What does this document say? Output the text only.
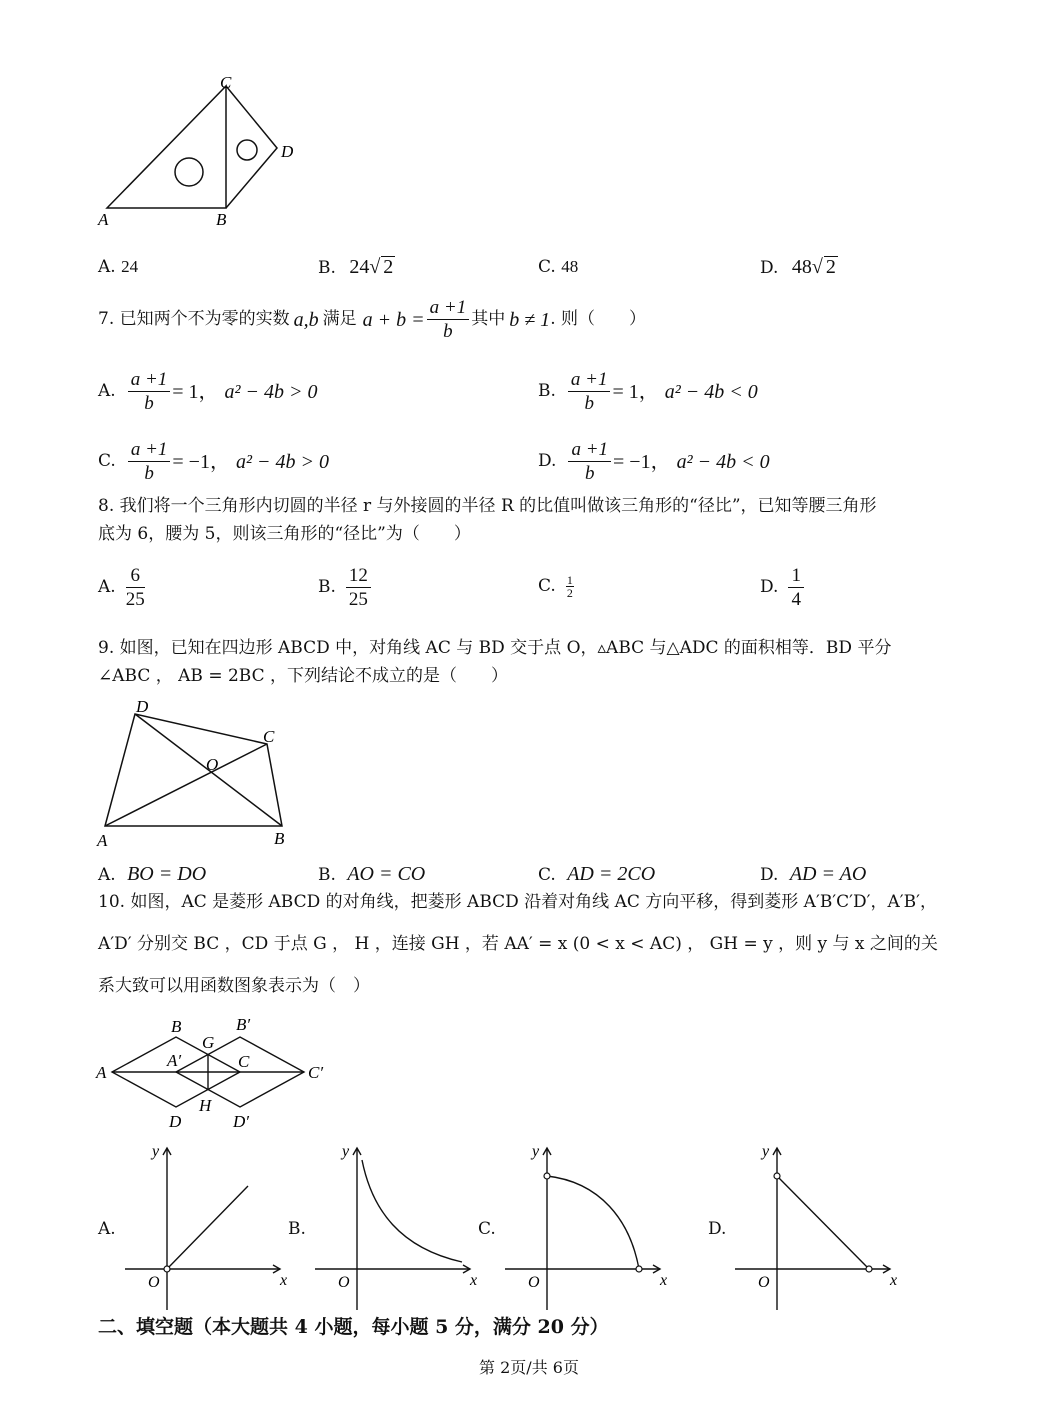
C
D
A	B
A. 24	B. 24√ 2	C. 48	D. 48√ 2
7. 已知两个不为零的实数 a,b 满足 $a + b = \frac{a +1}{b}$ 其中 b ≠ 1 . 则（　　）
A. $\frac{a +1}{b} = 1$， a² − 4b > 0	B. $\frac{a +1}{b} = 1$， a² − 4b < 0
C. $\frac{a +1}{b} = -1$， a² − 4b > 0	D. $\frac{a +1}{b} = -1$， a² − 4b < 0
8. 我们将一个三角形内切圆的半径 r 与外接圆的半径 R 的比值叫做该三角形的“径比”，已知等腰三角形
底为 6，腰为 5，则该三角形的“径比”为（　　）
A. $\frac{6}{25}$	B. $\frac{12}{25}$	C. $\frac{1}{2}$	D. $\frac{1}{4}$
9. 如图，已知在四边形 ABCD 中，对角线 AC 与 BD 交于点 O，▵ABC 与△ADC 的面积相等．BD 平分
∠ABC ， AB = 2BC ，下列结论不成立的是（　　）
D
C
O
A	B
A. BO = DO	B. AO = CO	C. AD = 2CO	D. AD = AO
10. 如图，AC 是菱形 ABCD 的对角线，把菱形 ABCD 沿着对角线 AC 方向平移，得到菱形 A′B′C′D′，A′B′，
A′D′ 分别交 BC ，CD 于点 G ， H ，连接 GH ，若 AA′ = x (0 < x < AC) ， GH = y ，则 y 与 x 之间的关
系大致可以用函数图象表示为（　）
B	B′
G
A′	C
A	C′
H
D	D′
A.
y
x
O
B.
y
x
O
C.
y
x
O
D.
y
x
O
二、填空题（本大题共 4 小题，每小题 5 分，满分 20 分）
第 2页/共 6页
